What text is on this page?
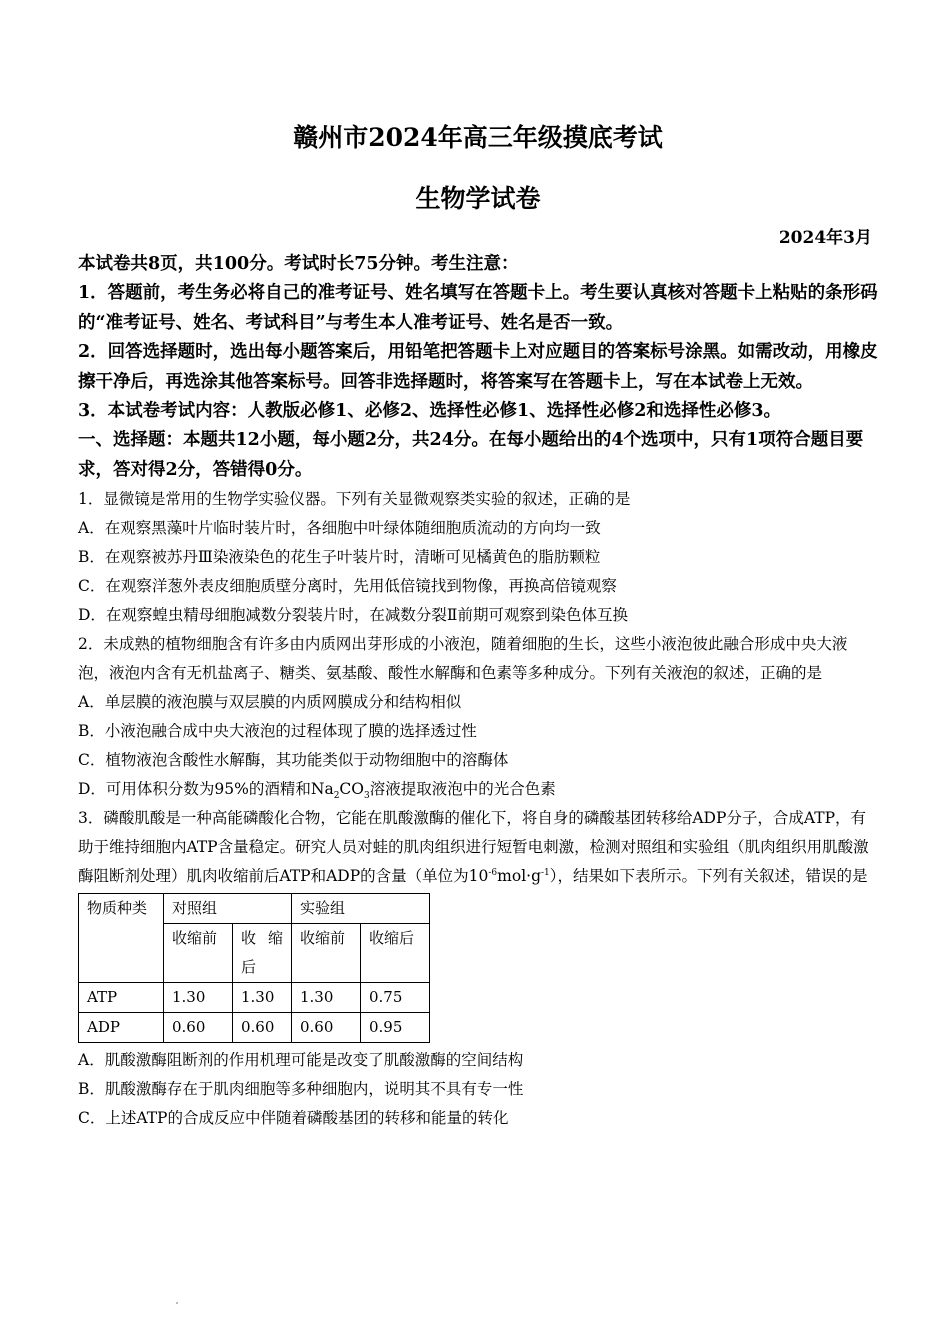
赣州市2024年高三年级摸底考试
生物学试卷
2024年3月

本试卷共8页，共100分。考试时长75分钟。考生注意：

1．答题前，考生务必将自己的准考证号、姓名填写在答题卡上。考生要认真核对答题卡上粘贴的条形码的“准考证号、姓名、考试科目”与考生本人准考证号、姓名是否一致。

2．回答选择题时，选出每小题答案后，用铅笔把答题卡上对应题目的答案标号涂黑。如需改动，用橡皮擦干净后，再选涂其他答案标号。回答非选择题时，将答案写在答题卡上，写在本试卷上无效。

3．本试卷考试内容：人教版必修1、必修2、选择性必修1、选择性必修2和选择性必修3。

一、选择题：本题共12小题，每小题2分，共24分。在每小题给出的4个选项中，只有1项符合题目要求，答对得2分，答错得0分。

1．显微镜是常用的生物学实验仪器。下列有关显微观察类实验的叙述，正确的是

A．在观察黑藻叶片临时装片时，各细胞中叶绿体随细胞质流动的方向均一致

B．在观察被苏丹Ⅲ染液染色的花生子叶装片时，清晰可见橘黄色的脂肪颗粒

C．在观察洋葱外表皮细胞质壁分离时，先用低倍镜找到物像，再换高倍镜观察

D．在观察蝗虫精母细胞减数分裂装片时，在减数分裂Ⅱ前期可观察到染色体互换

2．未成熟的植物细胞含有许多由内质网出芽形成的小液泡，随着细胞的生长，这些小液泡彼此融合形成中央大液泡，液泡内含有无机盐离子、糖类、氨基酸、酸性水解酶和色素等多种成分。下列有关液泡的叙述，正确的是

A．单层膜的液泡膜与双层膜的内质网膜成分和结构相似

B．小液泡融合成中央大液泡的过程体现了膜的选择透过性

C．植物液泡含酸性水解酶，其功能类似于动物细胞中的溶酶体

D．可用体积分数为95%的酒精和$Na_2CO_3$溶液提取液泡中的光合色素

3．磷酸肌酸是一种高能磷酸化合物，它能在肌酸激酶的催化下，将自身的磷酸基团转移给ADP分子，合成ATP，有助于维持细胞内ATP含量稳定。研究人员对蛙的肌肉组织进行短暂电刺激，检测对照组和实验组（肌肉组织用肌酸激酶阻断剂处理）肌肉收缩前后ATP和ADP的含量（单位为$10^{-6}mol\cdot g^{-1}$），结果如下表所示。下列有关叙述，错误的是

物质种类	对照组		实验组	
	收缩前	收缩后	收缩前	收缩后
ATP	1.30	1.30	1.30	0.75
ADP	0.60	0.60	0.60	0.95

A．肌酸激酶阻断剂的作用机理可能是改变了肌酸激酶的空间结构

B．肌酸激酶存在于肌肉细胞等多种细胞内，说明其不具有专一性

C．上述ATP的合成反应中伴随着磷酸基团的转移和能量的转化
